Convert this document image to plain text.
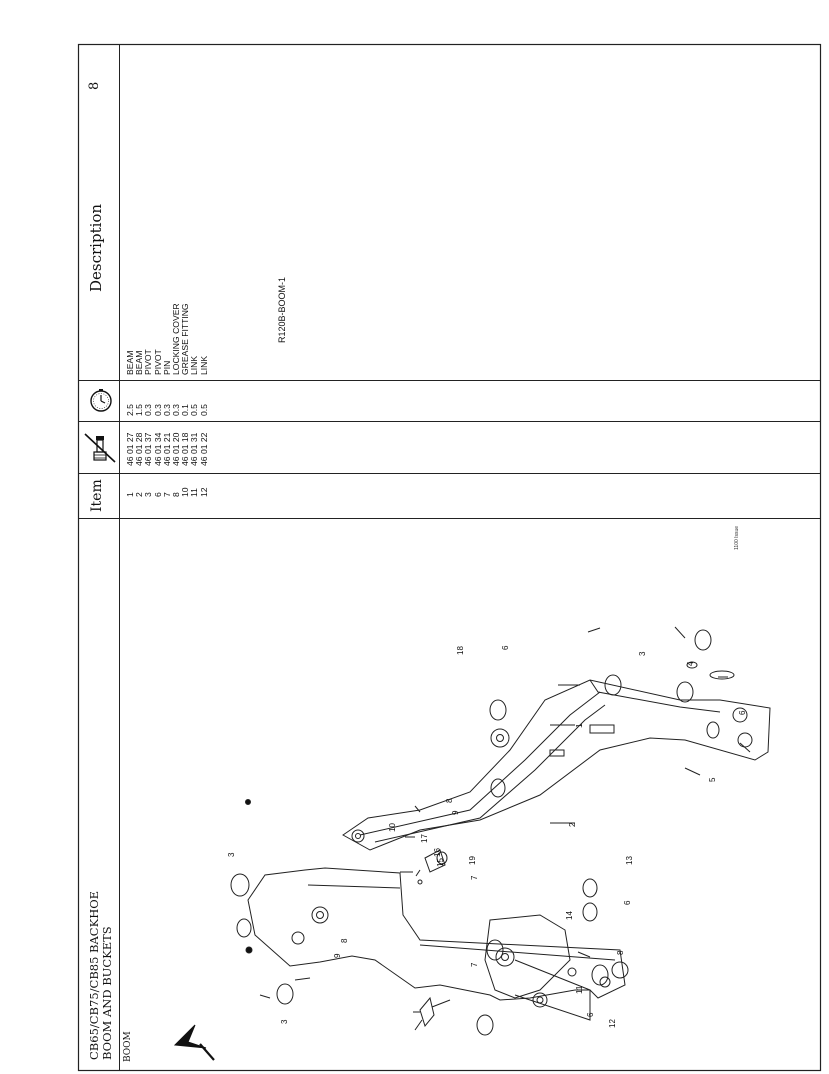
CB65/CB75/CB85 BACKHOE
BOOM AND BUCKETS BOOM
8
Item
Description
1 2 3 6 7 8 10 11 12
46 01 27 46 01 28 46 01 37 46 01 34 46 01 21 46 01 20 46 01 18 46 01 31 46 01 22
2.5 1.5 0.3 0.3 0.3 0.3 0.1 0.5 0.5
BEAM BEAM PIVOT PIVOT PIN LOCKING COVER GREASE FITTING LINK LINK
R120B-BOOM-1
1
2
3
3
3
4
5
6
6
6
6
7
7
8
8
8
9
9
10
11
12
13
14
15
16
17
18
19
1100 Issue
